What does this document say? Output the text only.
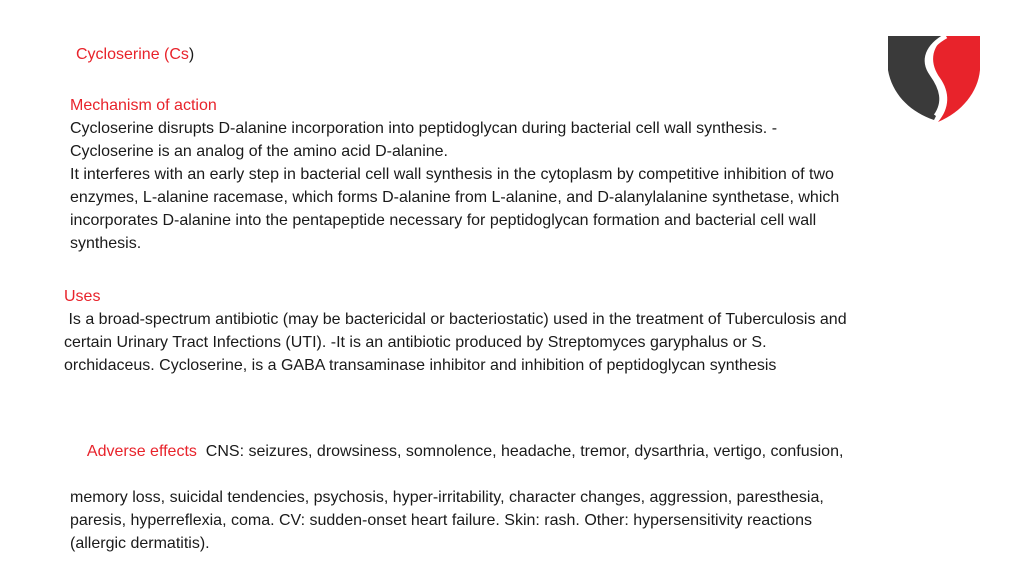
Cycloserine (Cs)
Mechanism of action
Cycloserine disrupts D-alanine incorporation into peptidoglycan during bacterial cell wall synthesis. -
Cycloserine is an analog of the amino acid D-alanine.
It interferes with an early step in bacterial cell wall synthesis in the cytoplasm by competitive inhibition of two
enzymes, L-alanine racemase, which forms D-alanine from L-alanine, and D-alanylalanine synthetase, which
incorporates D-alanine into the pentapeptide necessary for peptidoglycan formation and bacterial cell wall
synthesis.
Uses
Is a broad-spectrum antibiotic (may be bactericidal or bacteriostatic) used in the treatment of Tuberculosis and
certain Urinary Tract Infections (UTI). -It is an antibiotic produced by Streptomyces garyphalus or S.
orchidaceus. Cycloserine, is a GABA transaminase inhibitor and inhibition of peptidoglycan synthesis

Adverse effects  CNS: seizures, drowsiness, somnolence, headache, tremor, dysarthria, vertigo, confusion,

memory loss, suicidal tendencies, psychosis, hyper-irritability, character changes, aggression, paresthesia,
paresis, hyperreflexia, coma. CV: sudden-onset heart failure. Skin: rash. Other: hypersensitivity reactions
(allergic dermatitis).
